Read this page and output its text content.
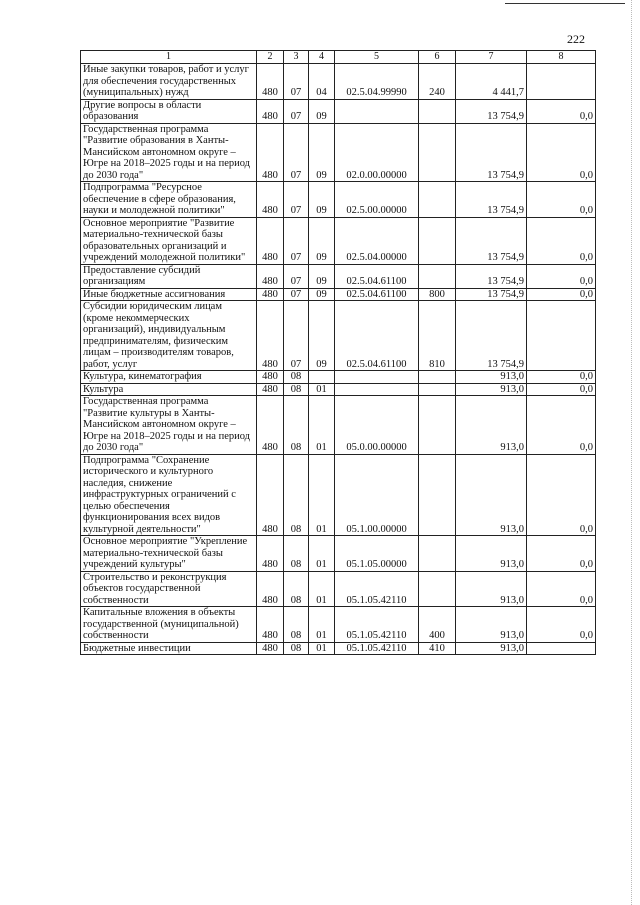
222
1	2	3	4	5	6	7	8
Иные закупки товаров, работ и услуг для обеспечения государственных (муниципальных) нужд	480	07	04	02.5.04.99990	240	4 441,7	
Другие вопросы в области образования	480	07	09			13 754,9	0,0
Государственная программа "Развитие образования в Ханты-Мансийском автономном округе – Югре на 2018–2025 годы и на период до 2030 года"	480	07	09	02.0.00.00000		13 754,9	0,0
Подпрограмма "Ресурсное обеспечение в сфере образования, науки и молодежной политики"	480	07	09	02.5.00.00000		13 754,9	0,0
Основное мероприятие "Развитие материально-технической базы образовательных организаций и учреждений молодежной политики"	480	07	09	02.5.04.00000		13 754,9	0,0
Предоставление субсидий организациям	480	07	09	02.5.04.61100		13 754,9	0,0
Иные бюджетные ассигнования	480	07	09	02.5.04.61100	800	13 754,9	0,0
Субсидии юридическим лицам (кроме некоммерческих организаций), индивидуальным предпринимателям, физическим лицам – производителям товаров, работ, услуг	480	07	09	02.5.04.61100	810	13 754,9	
Культура, кинематография	480	08				913,0	0,0
Культура	480	08	01			913,0	0,0
Государственная программа "Развитие культуры в Ханты-Мансийском автономном округе – Югре на 2018–2025 годы и на период до 2030 года"	480	08	01	05.0.00.00000		913,0	0,0
Подпрограмма "Сохранение исторического и культурного наследия, снижение инфраструктурных ограничений с целью обеспечения функционирования всех видов культурной деятельности"	480	08	01	05.1.00.00000		913,0	0,0
Основное мероприятие "Укрепление материально-технической базы учреждений культуры"	480	08	01	05.1.05.00000		913,0	0,0
Строительство и реконструкция объектов государственной собственности	480	08	01	05.1.05.42110		913,0	0,0
Капитальные вложения в объекты государственной (муниципальной) собственности	480	08	01	05.1.05.42110	400	913,0	0,0
Бюджетные инвестиции	480	08	01	05.1.05.42110	410	913,0	
